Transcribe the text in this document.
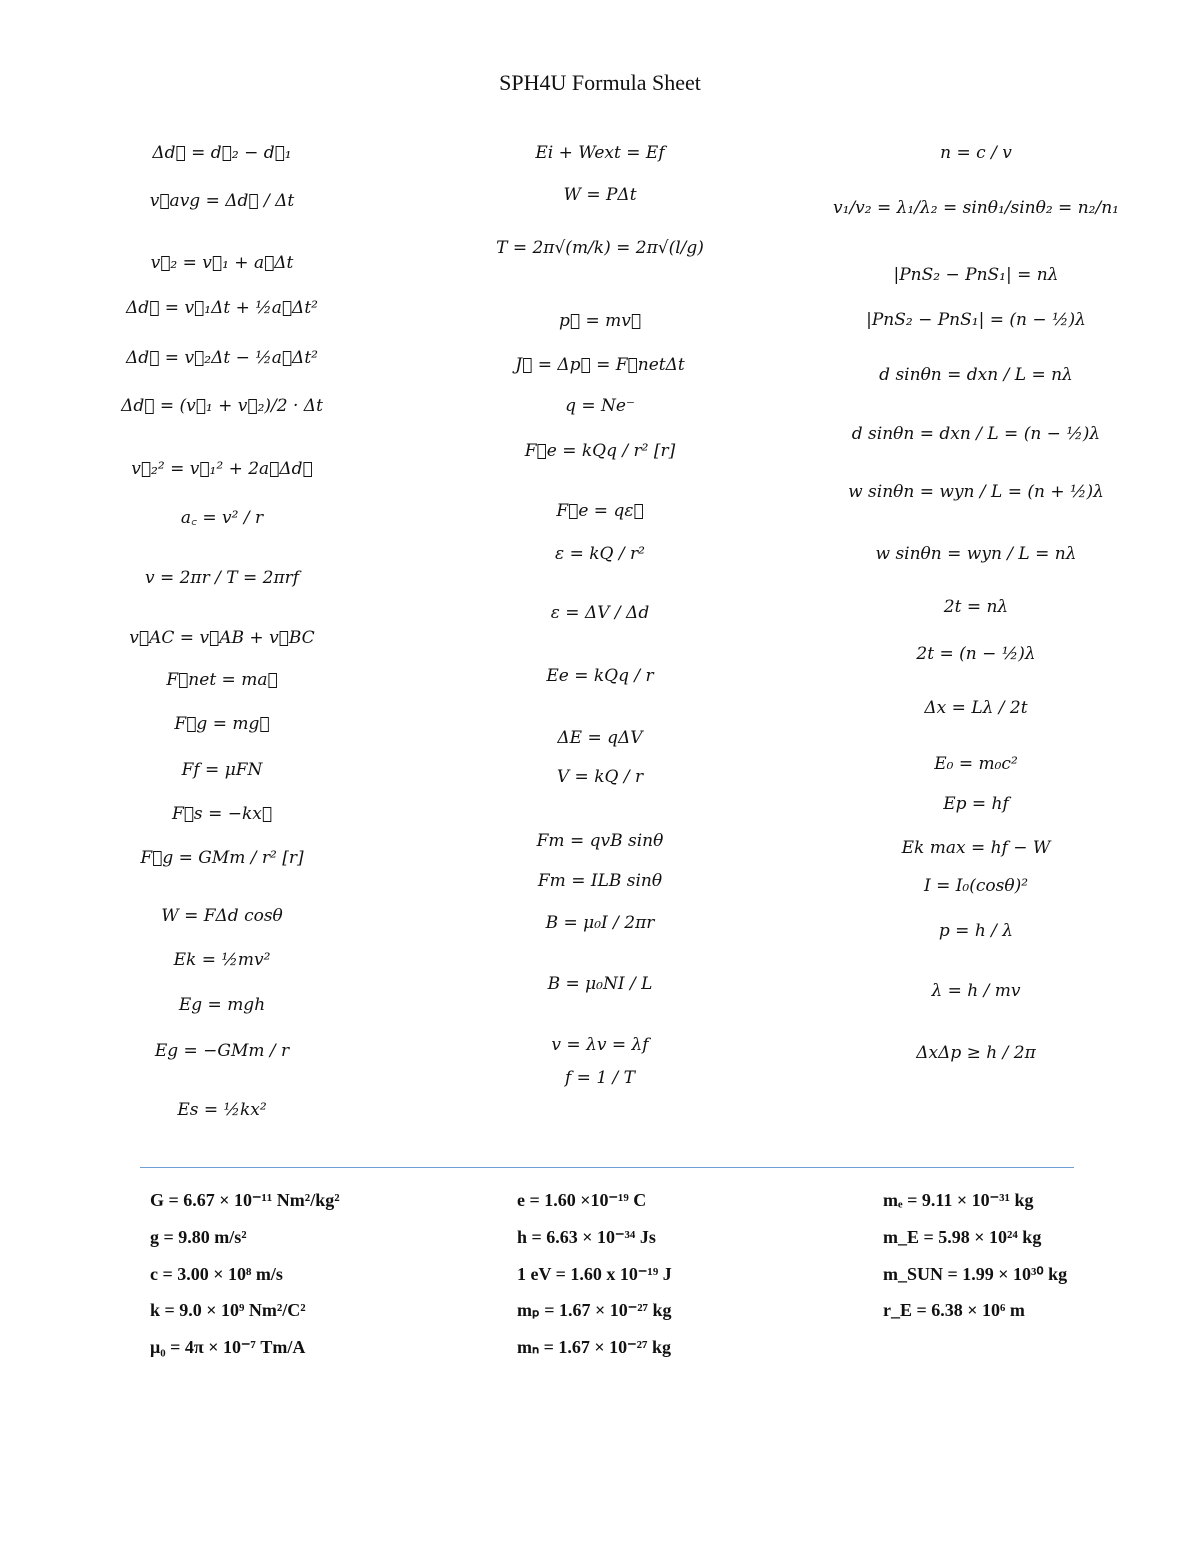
SPH4U Formula Sheet
Δd⃗ = d⃗₂ − d⃗₁
v⃗avg = Δd⃗ / Δt
v⃗₂ = v⃗₁ + a⃗Δt
Δd⃗ = v⃗₁Δt + ½a⃗Δt²
Δd⃗ = v⃗₂Δt − ½a⃗Δt²
Δd⃗ = (v⃗₁ + v⃗₂)/2 · Δt
v⃗₂² = v⃗₁² + 2a⃗Δd⃗
a꜀ = v² / r
v = 2πr / T = 2πrf
v⃗AC = v⃗AB + v⃗BC
F⃗net = ma⃗
F⃗g = mg⃗
Ff = μFN
F⃗s = −kx⃗
F⃗g = GMm / r² [r]
W = FΔd cosθ
Ek = ½mv²
Eg = mgh
Eg = −GMm / r
Es = ½kx²
Ei + Wext = Ef
W = PΔt
T = 2π√(m/k) = 2π√(l/g)
p⃗ = mv⃗
J⃗ = Δp⃗ = F⃗netΔt
q = Ne⁻
F⃗e = kQq / r² [r]
F⃗e = qε⃗
ε = kQ / r²
ε = ΔV / Δd
Ee = kQq / r
ΔE = qΔV
V = kQ / r
Fm = qvB sinθ
Fm = ILB sinθ
B = μ₀I / 2πr
B = μ₀NI / L
v = λv = λf
f = 1 / T
n = c / v
v₁/v₂ = λ₁/λ₂ = sinθ₁/sinθ₂ = n₂/n₁
|PnS₂ − PnS₁| = nλ
|PnS₂ − PnS₁| = (n − ½)λ
d sinθn = dxn / L = nλ
d sinθn = dxn / L = (n − ½)λ
w sinθn = wyn / L = (n + ½)λ
w sinθn = wyn / L = nλ
2t = nλ
2t = (n − ½)λ
Δx = Lλ / 2t
E₀ = m₀c²
Ep = hf
Ek max = hf − W
I = I₀(cosθ)²
p = h / λ
λ = h / mv
ΔxΔp ≥ h / 2π
G = 6.67 × 10⁻¹¹ Nm²/kg²
g = 9.80 m/s²
c = 3.00 × 10⁸ m/s
k = 9.0 × 10⁹ Nm²/C²
μ₀ = 4π × 10⁻⁷ Tm/A
e = 1.60 ×10⁻¹⁹ C
h = 6.63 × 10⁻³⁴ Js
1 eV = 1.60 x 10⁻¹⁹ J
mₚ = 1.67 × 10⁻²⁷ kg
mₙ = 1.67 × 10⁻²⁷ kg
mₑ = 9.11 × 10⁻³¹ kg
m_E = 5.98 × 10²⁴ kg
m_SUN = 1.99 × 10³⁰ kg
r_E = 6.38 × 10⁶ m
